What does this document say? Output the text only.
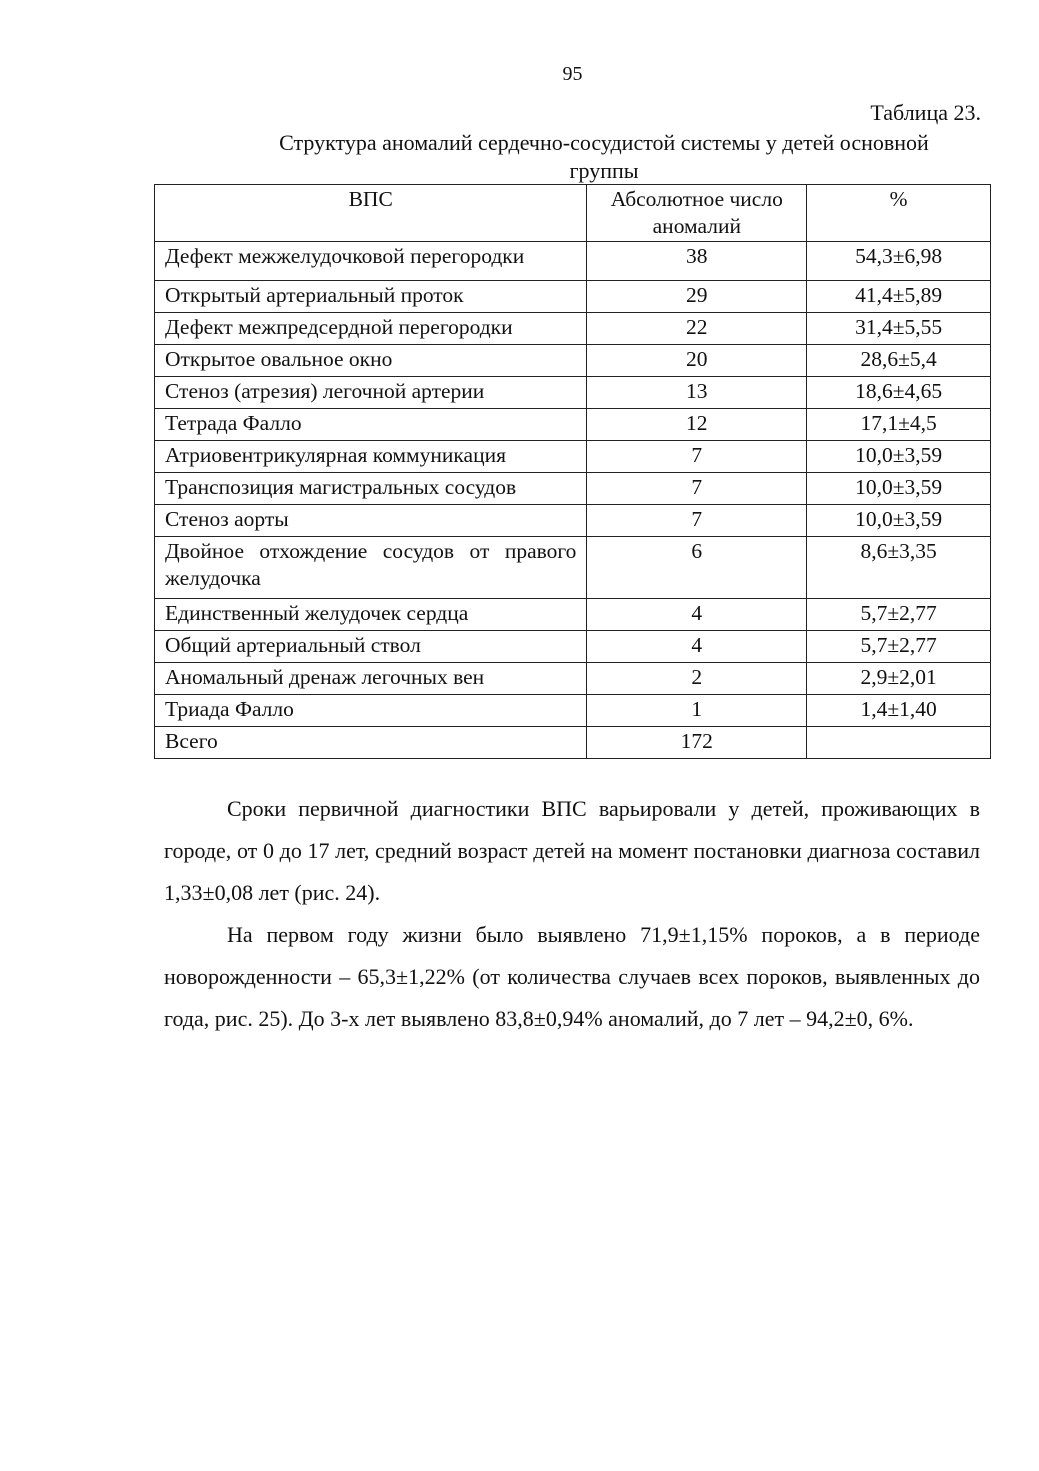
95
Таблица 23.
Структура аномалий сердечно-сосудистой системы у детей основной
группы
ВПС	Абсолютное число аномалий	%
Дефект межжелудочковой перегородки	38	54,3±6,98
Открытый артериальный проток	29	41,4±5,89
Дефект межпредсердной перегородки	22	31,4±5,55
Открытое овальное окно	20	28,6±5,4
Стеноз (атрезия) легочной артерии	13	18,6±4,65
Тетрада Фалло	12	17,1±4,5
Атриовентрикулярная коммуникация	7	10,0±3,59
Транспозиция магистральных сосудов	7	10,0±3,59
Стеноз аорты	7	10,0±3,59
Двойное отхождение сосудов от правого желудочка	6	8,6±3,35
Единственный желудочек сердца	4	5,7±2,77
Общий артериальный ствол	4	5,7±2,77
Аномальный дренаж легочных вен	2	2,9±2,01
Триада Фалло	1	1,4±1,40
Всего	172	

Сроки первичной диагностики ВПС варьировали у детей, проживающих в городе, от 0 до 17 лет, средний возраст детей на момент постановки диагноза составил 1,33±0,08 лет (рис. 24).

На первом году жизни было выявлено 71,9±1,15% пороков, а в периоде новорожденности – 65,3±1,22% (от количества случаев всех пороков, выявленных до года, рис. 25). До 3-х лет выявлено 83,8±0,94% аномалий, до 7 лет – 94,2±0, 6%.
